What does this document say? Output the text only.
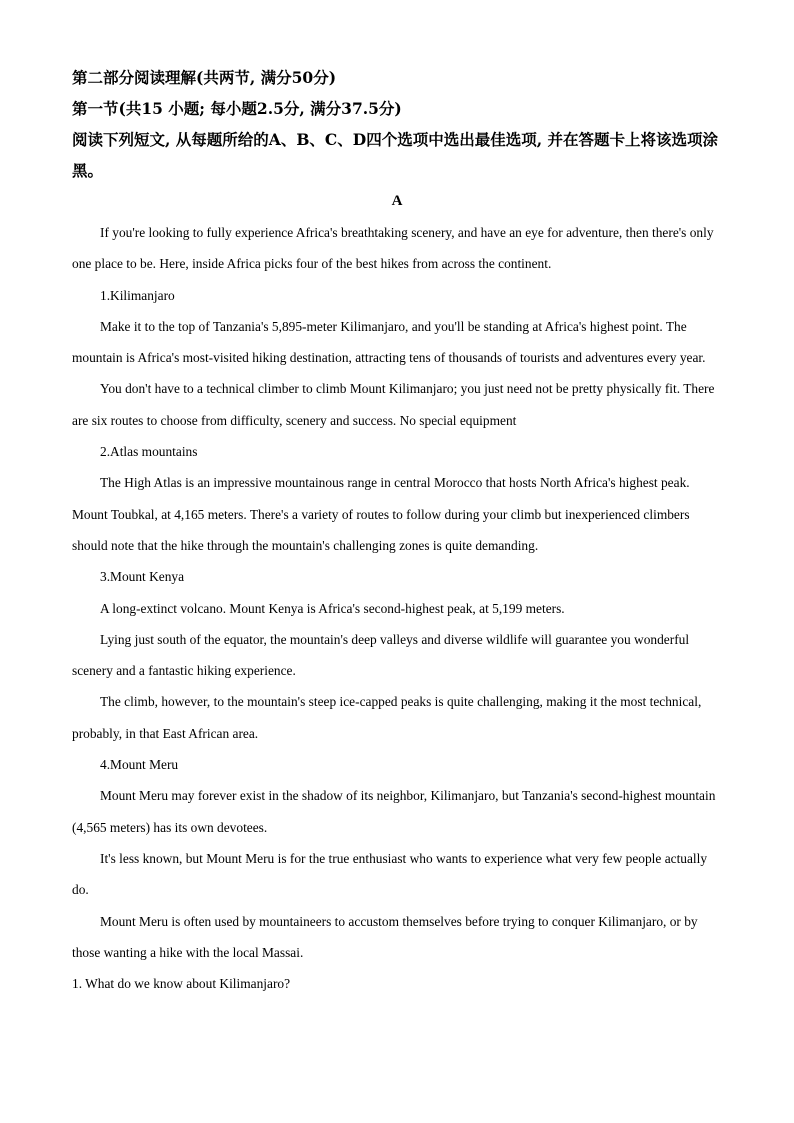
第二部分阅读理解(共两节, 满分50分)

第一节(共15 小题; 每小题2.5分, 满分37.5分)

阅读下列短文, 从每题所给的A、B、C、D四个选项中选出最佳选项, 并在答题卡上将该选项涂黑。

A

If you're looking to fully experience Africa's breathtaking scenery, and have an eye for adventure, then there's only one place to be. Here, inside Africa picks four of the best hikes from across the continent.

1.Kilimanjaro

Make it to the top of Tanzania's 5,895-meter Kilimanjaro, and you'll be standing at Africa's highest point. The mountain is Africa's most-visited hiking destination, attracting tens of thousands of tourists and adventures every year.

You don't have to a technical climber to climb Mount Kilimanjaro; you just need not be pretty physically fit. There are six routes to choose from difficulty, scenery and success. No special equipment

2.Atlas mountains

The High Atlas is an impressive mountainous range in central Morocco that hosts North Africa's highest peak. Mount Toubkal, at 4,165 meters. There's a variety of routes to follow during your climb but inexperienced climbers should note that the hike through the mountain's challenging zones is quite demanding.

3.Mount Kenya

A long-extinct volcano. Mount Kenya is Africa's second-highest peak, at 5,199 meters.

Lying just south of the equator, the mountain's deep valleys and diverse wildlife will guarantee you wonderful scenery and a fantastic hiking experience.

The climb, however, to the mountain's steep ice-capped peaks is quite challenging, making it the most technical, probably, in that East African area.

4.Mount Meru

Mount Meru may forever exist in the shadow of its neighbor, Kilimanjaro, but Tanzania's second-highest mountain (4,565 meters) has its own devotees.

It's less known, but Mount Meru is for the true enthusiast who wants to experience what very few people actually do.

Mount Meru is often used by mountaineers to accustom themselves before trying to conquer Kilimanjaro, or by those wanting a hike with the local Massai.

1. What do we know about Kilimanjaro?
